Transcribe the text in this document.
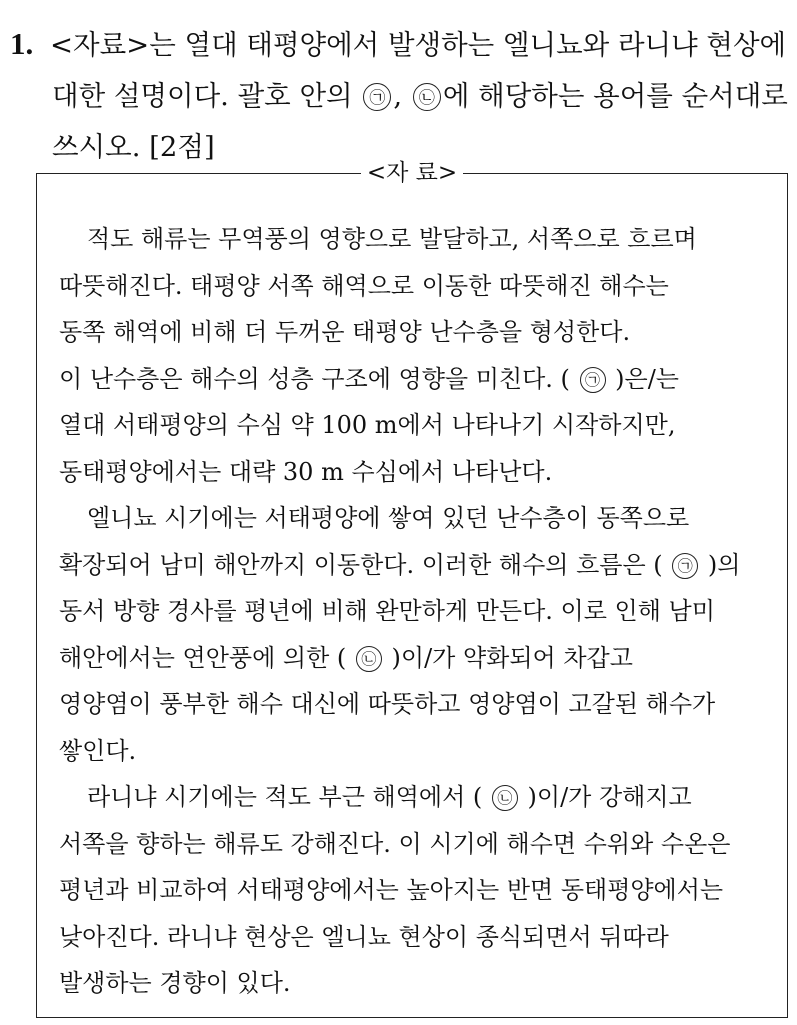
1. <자료>는 열대 태평양에서 발생하는 엘니뇨와 라니냐 현상에
대한 설명이다. 괄호 안의 ㉠ , ㉡ 에 해당하는 용어를 순서대로
쓰시오. [2점]
<자 료>
적도 해류는 무역풍의 영향으로 발달하고, 서쪽으로 흐르며
따뜻해진다. 태평양 서쪽 해역으로 이동한 따뜻해진 해수는
동쪽 해역에 비해 더 두꺼운 태평양 난수층을 형성한다.
이 난수층은 해수의 성층 구조에 영향을 미친다. ( ㉠ )은/는
열대 서태평양의 수심 약 100 m에서 나타나기 시작하지만,
동태평양에서는 대략 30 m 수심에서 나타난다.
엘니뇨 시기에는 서태평양에 쌓여 있던 난수층이 동쪽으로
확장되어 남미 해안까지 이동한다. 이러한 해수의 흐름은 ( ㉠ )의
동서 방향 경사를 평년에 비해 완만하게 만든다. 이로 인해 남미
해안에서는 연안풍에 의한 ( ㉡ )이/가 약화되어 차갑고
영양염이 풍부한 해수 대신에 따뜻하고 영양염이 고갈된 해수가
쌓인다.
라니냐 시기에는 적도 부근 해역에서 ( ㉡ )이/가 강해지고
서쪽을 향하는 해류도 강해진다. 이 시기에 해수면 수위와 수온은
평년과 비교하여 서태평양에서는 높아지는 반면 동태평양에서는
낮아진다. 라니냐 현상은 엘니뇨 현상이 종식되면서 뒤따라
발생하는 경향이 있다.
